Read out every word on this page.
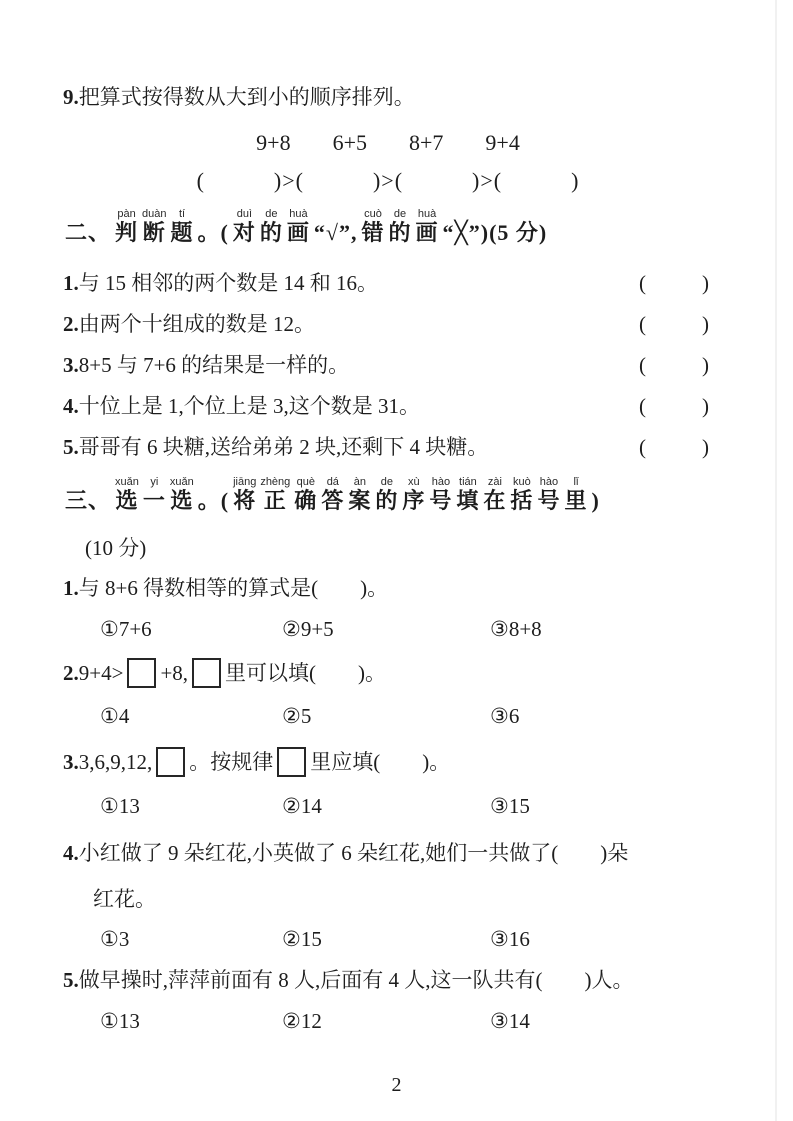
9.把算式按得数从大到小的顺序排列。
9+8 6+5 8+7 9+4
(　　　)>(　　　)>(　　　)>(　　　)
二、 判pàn断duàn题tí。( 对duì的de画huà“√”, 错cuò的de画huà“╳”)(5 分)
1.与 15 相邻的两个数是 14 和 16。	(	)
2.由两个十组成的数是 12。	(	)
3.8+5 与 7+6 的结果是一样的。	(	)
4.十位上是 1,个位上是 3,这个数是 31。	(	)
5.哥哥有 6 块糖,送给弟弟 2 块,还剩下 4 块糖。	(	)
三、 选xuǎn一yi选xuǎn。( 将jiāng正zhèng确què答dá案àn的de序xù号hào填tián在zài括kuò号hào里lǐ)
(10 分)
1.与 8+6 得数相等的算式是(　　)。
①7+6	②9+5	③8+8
2.9+4> +8, 里可以填(　　)。
①4	②5	③6
3.3,6,9,12, 。按规律 里应填(　　)。
①13	②14	③15
4.小红做了 9 朵红花,小英做了 6 朵红花,她们一共做了(　　)朵
红花。
①3	②15	③16
5.做早操时,萍萍前面有 8 人,后面有 4 人,这一队共有(　　)人。
①13	②12	③14
2
